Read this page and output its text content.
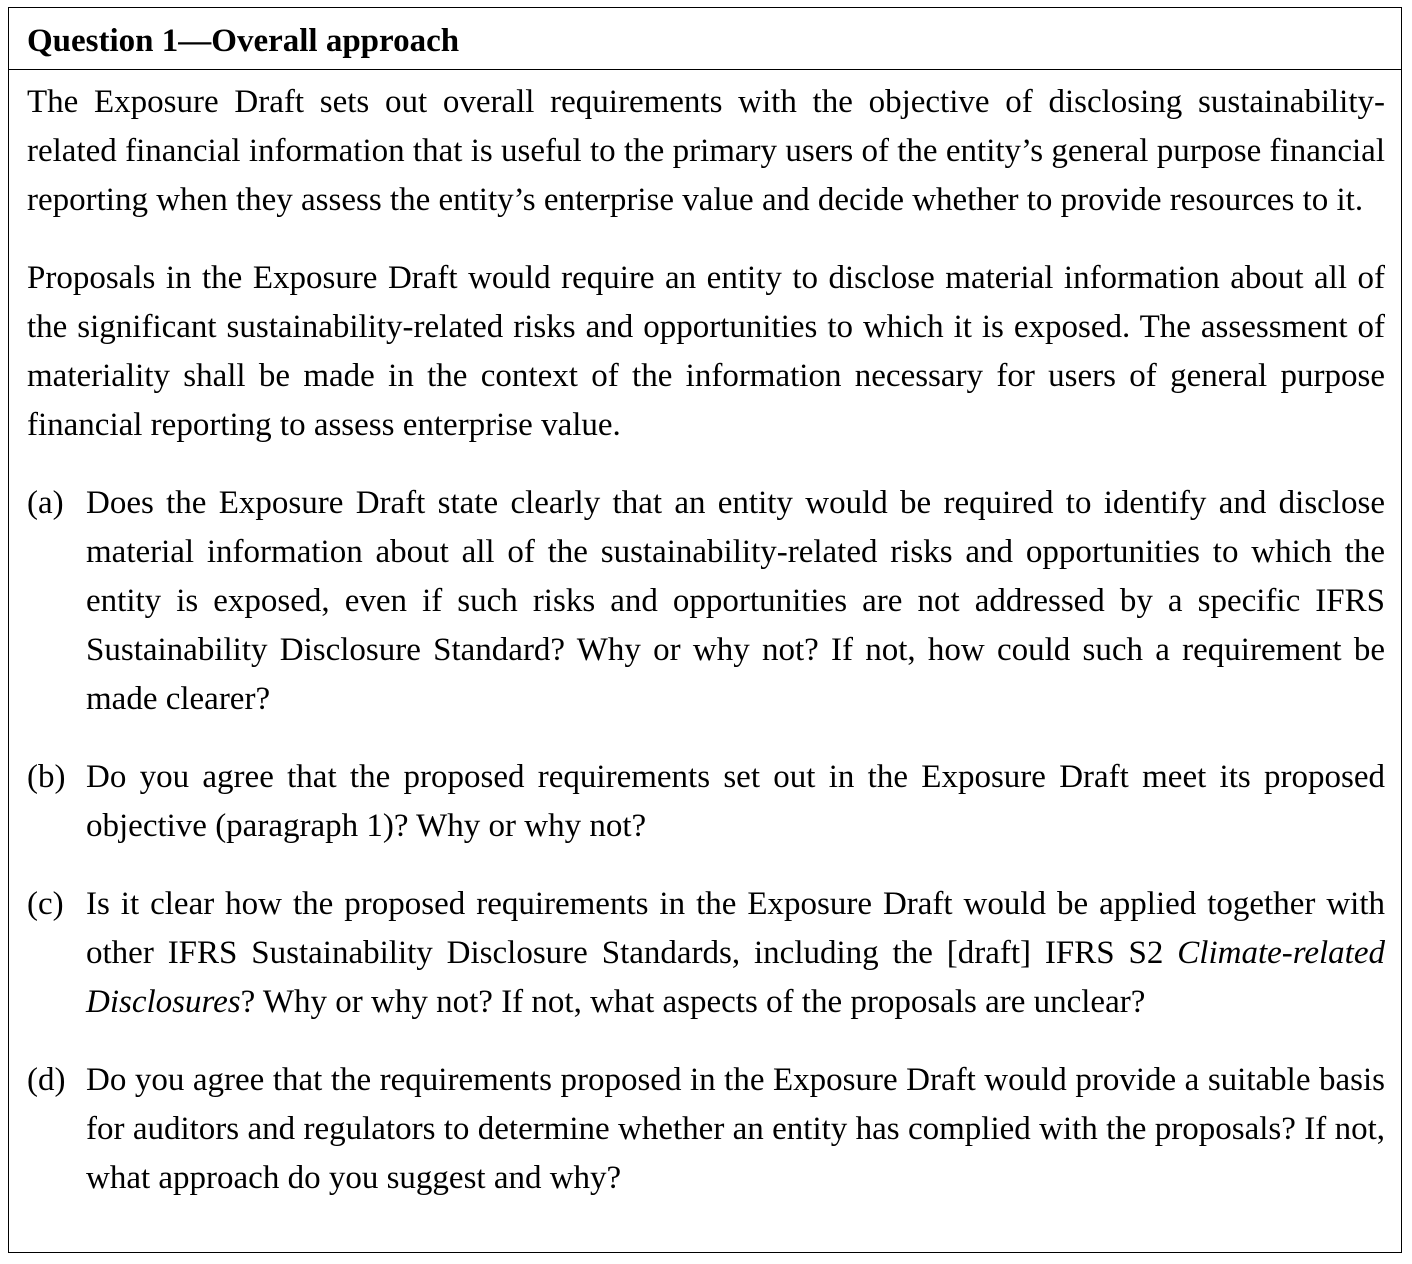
Question 1—Overall approach

The Exposure Draft sets out overall requirements with the objective of disclosing sustainability-related financial information that is useful to the primary users of the entity’s general purpose financial reporting when they assess the entity’s enterprise value and decide whether to provide resources to it.

Proposals in the Exposure Draft would require an entity to disclose material information about all of the significant sustainability-related risks and opportunities to which it is exposed. The assessment of materiality shall be made in the context of the information necessary for users of general purpose financial reporting to assess enterprise value.

(a) Does the Exposure Draft state clearly that an entity would be required to identify and disclose material information about all of the sustainability-related risks and opportunities to which the entity is exposed, even if such risks and opportunities are not addressed by a specific IFRS Sustainability Disclosure Standard? Why or why not? If not, how could such a requirement be made clearer?
(b) Do you agree that the proposed requirements set out in the Exposure Draft meet its proposed objective (paragraph 1)? Why or why not?
(c) Is it clear how the proposed requirements in the Exposure Draft would be applied together with other IFRS Sustainability Disclosure Standards, including the [draft] IFRS S2 Climate-related Disclosures? Why or why not? If not, what aspects of the proposals are unclear?
(d) Do you agree that the requirements proposed in the Exposure Draft would provide a suitable basis for auditors and regulators to determine whether an entity has complied with the proposals? If not, what approach do you suggest and why?
